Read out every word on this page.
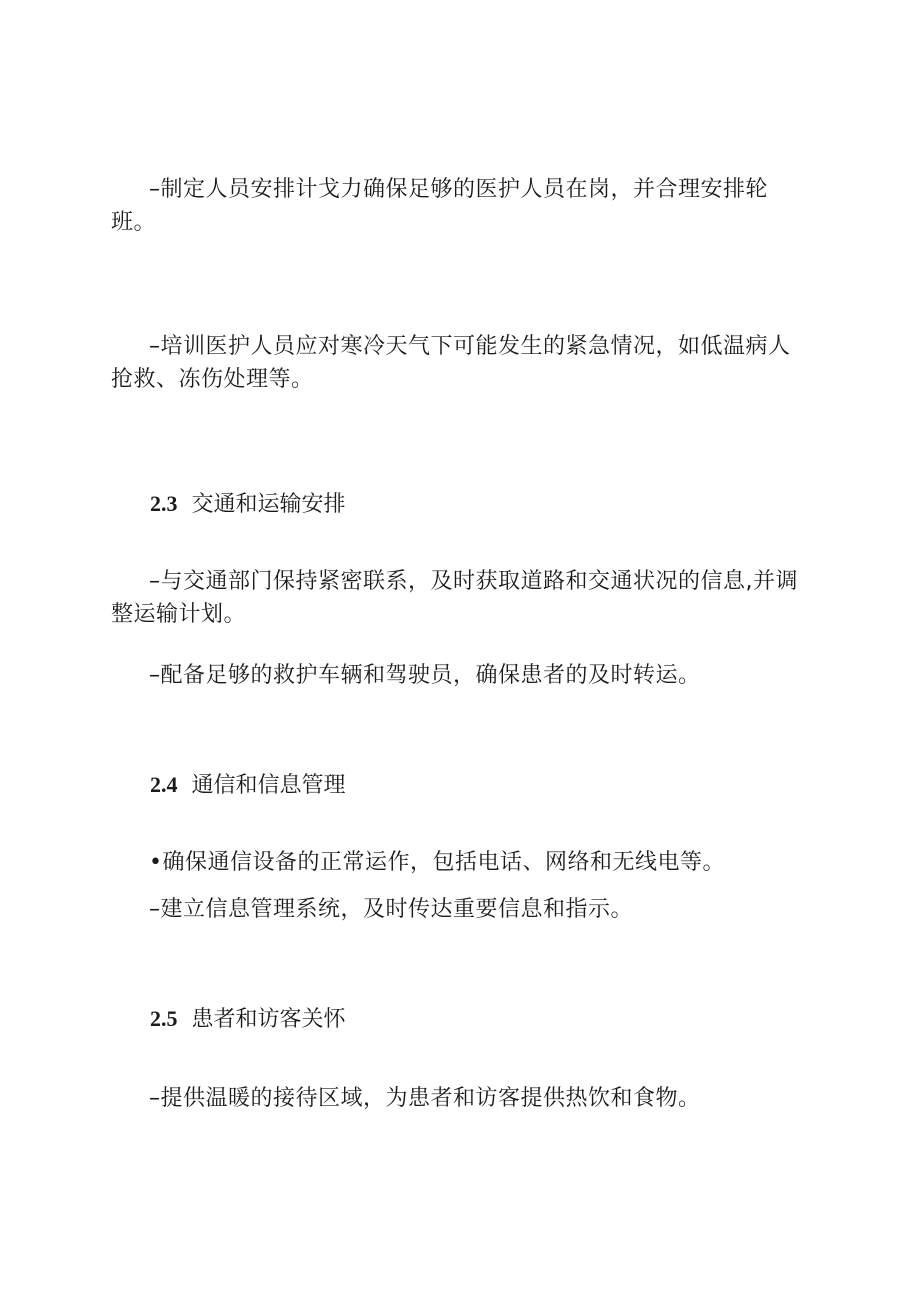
–制定人员安排计戈力确保足够的医护人员在岗，并合理安排轮班。

–培训医护人员应对寒冷天气下可能发生的紧急情况，如低温病人抢救、冻伤处理等。

2.3 交通和运输安排

–与交通部门保持紧密联系，及时获取道路和交通状况的信息,并调整运输计划。

–配备足够的救护车辆和驾驶员，确保患者的及时转运。

2.4 通信和信息管理

•确保通信设备的正常运作，包括电话、网络和无线电等。

–建立信息管理系统，及时传达重要信息和指示。

2.5 患者和访客关怀

–提供温暖的接待区域，为患者和访客提供热饮和食物。
